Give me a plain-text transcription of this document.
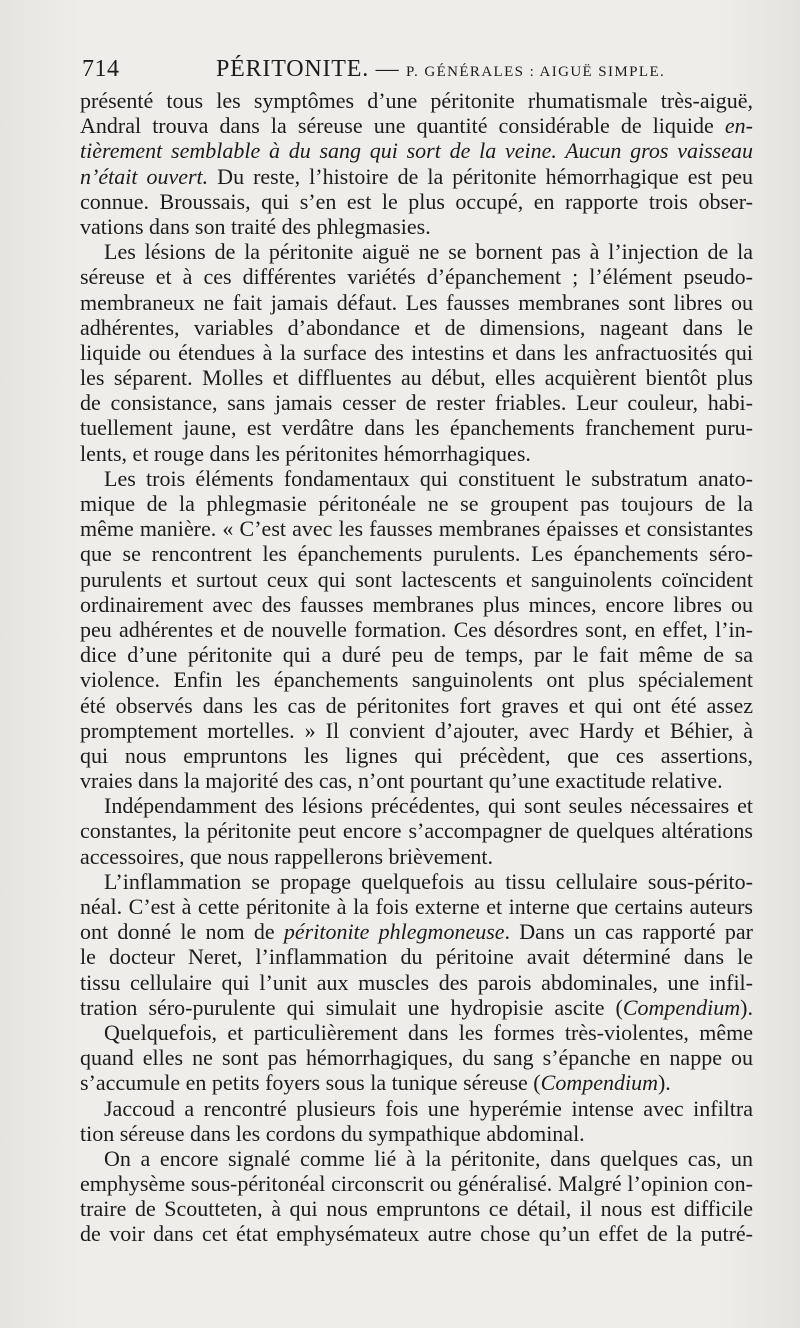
714	PÉRITONITE. — P. GÉNÉRALES : AIGUË SIMPLE.
présenté tous les symptômes d’une péritonite rhumatismale très-aiguë,
Andral trouva dans la séreuse une quantité considérable de liquide en-
tièrement semblable à du sang qui sort de la veine. Aucun gros vaisseau
n’était ouvert. Du reste, l’histoire de la péritonite hémorrhagique est peu
connue. Broussais, qui s’en est le plus occupé, en rapporte trois obser-
vations dans son traité des phlegmasies.
Les lésions de la péritonite aiguë ne se bornent pas à l’injection de la
séreuse et à ces différentes variétés d’épanchement ; l’élément pseudo-
membraneux ne fait jamais défaut. Les fausses membranes sont libres ou
adhérentes, variables d’abondance et de dimensions, nageant dans le
liquide ou étendues à la surface des intestins et dans les anfractuosités qui
les séparent. Molles et diffluentes au début, elles acquièrent bientôt plus
de consistance, sans jamais cesser de rester friables. Leur couleur, habi-
tuellement jaune, est verdâtre dans les épanchements franchement puru-
lents, et rouge dans les péritonites hémorrhagiques.
Les trois éléments fondamentaux qui constituent le substratum anato-
mique de la phlegmasie péritonéale ne se groupent pas toujours de la
même manière. « C’est avec les fausses membranes épaisses et consistantes
que se rencontrent les épanchements purulents. Les épanchements séro-
purulents et surtout ceux qui sont lactescents et sanguinolents coïncident
ordinairement avec des fausses membranes plus minces, encore libres ou
peu adhérentes et de nouvelle formation. Ces désordres sont, en effet, l’in-
dice d’une péritonite qui a duré peu de temps, par le fait même de sa
violence. Enfin les épanchements sanguinolents ont plus spécialement
été observés dans les cas de péritonites fort graves et qui ont été assez
promptement mortelles. » Il convient d’ajouter, avec Hardy et Béhier, à
qui nous empruntons les lignes qui précèdent, que ces assertions,
vraies dans la majorité des cas, n’ont pourtant qu’une exactitude relative.
Indépendamment des lésions précédentes, qui sont seules nécessaires et
constantes, la péritonite peut encore s’accompagner de quelques altérations
accessoires, que nous rappellerons brièvement.
L’inflammation se propage quelquefois au tissu cellulaire sous-périto-
néal. C’est à cette péritonite à la fois externe et interne que certains auteurs
ont donné le nom de péritonite phlegmoneuse. Dans un cas rapporté par
le docteur Neret, l’inflammation du péritoine avait déterminé dans le
tissu cellulaire qui l’unit aux muscles des parois abdominales, une infil-
tration séro-purulente qui simulait une hydropisie ascite (Compendium).
Quelquefois, et particulièrement dans les formes très-violentes, même
quand elles ne sont pas hémorrhagiques, du sang s’épanche en nappe ou
s’accumule en petits foyers sous la tunique séreuse (Compendium).
Jaccoud a rencontré plusieurs fois une hyperémie intense avec infiltra
tion séreuse dans les cordons du sympathique abdominal.
On a encore signalé comme lié à la péritonite, dans quelques cas, un
emphysème sous-péritonéal circonscrit ou généralisé. Malgré l’opinion con-
traire de Scoutteten, à qui nous empruntons ce détail, il nous est difficile
de voir dans cet état emphysémateux autre chose qu’un effet de la putré-
